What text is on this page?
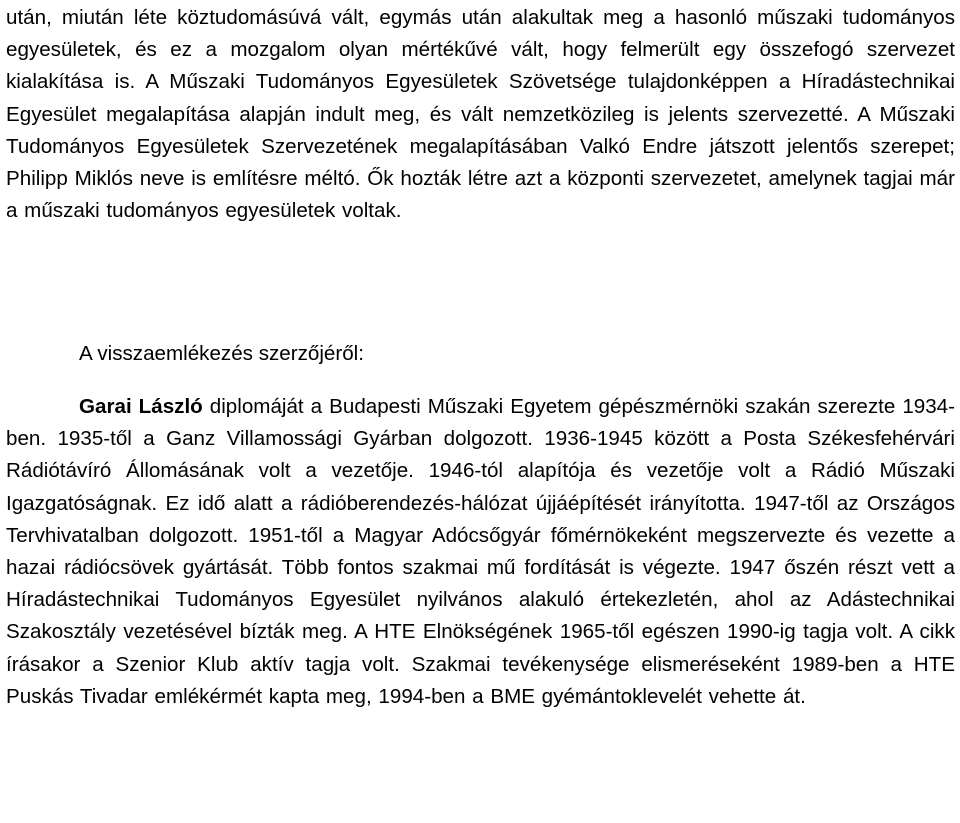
után, miután léte köztudomásúvá vált, egymás után alakultak meg a hasonló műszaki tudományos egyesületek, és ez a mozgalom olyan mértékűvé vált, hogy felmerült egy összefogó szervezet kialakítása is. A Műszaki Tudományos Egyesületek Szövetsége tulajdonképpen a Híradástechnikai Egyesület megalapítása alapján indult meg, és vált nemzetközileg is jelents szervezetté. A Műszaki Tudományos Egyesületek Szervezetének megalapításában Valkó Endre játszott jelentős szerepet; Philipp Miklós neve is említésre méltó. Ők hozták létre azt a központi szervezetet, amelynek tagjai már a műszaki tudományos egyesületek voltak.

A visszaemlékezés szerzőjéről:

Garai László diplomáját a Budapesti Műszaki Egyetem gépészmérnöki szakán szerezte 1934-ben. 1935-től a Ganz Villamossági Gyárban dolgozott. 1936-1945 között a Posta Székesfehérvári Rádiótávíró Állomásának volt a vezetője. 1946-tól alapítója és vezetője volt a Rádió Műszaki Igazgatóságnak. Ez idő alatt a rádióberendezés-hálózat újjáépítését irányította. 1947-től az Országos Tervhivatalban dolgozott. 1951-től a Magyar Adócsőgyár főmérnökeként megszervezte és vezette a hazai rádiócsövek gyártását. Több fontos szakmai mű fordítását is végezte. 1947 őszén részt vett a Híradástechnikai Tudományos Egyesület nyilvános alakuló értekezletén, ahol az Adástechnikai Szakosztály vezetésével bízták meg. A HTE Elnökségének 1965-től egészen 1990-ig tagja volt. A cikk írásakor a Szenior Klub aktív tagja volt. Szakmai tevékenysége elismeréseként 1989-ben a HTE Puskás Tivadar emlékérmét kapta meg, 1994-ben a BME gyémántoklevelét vehette át.
